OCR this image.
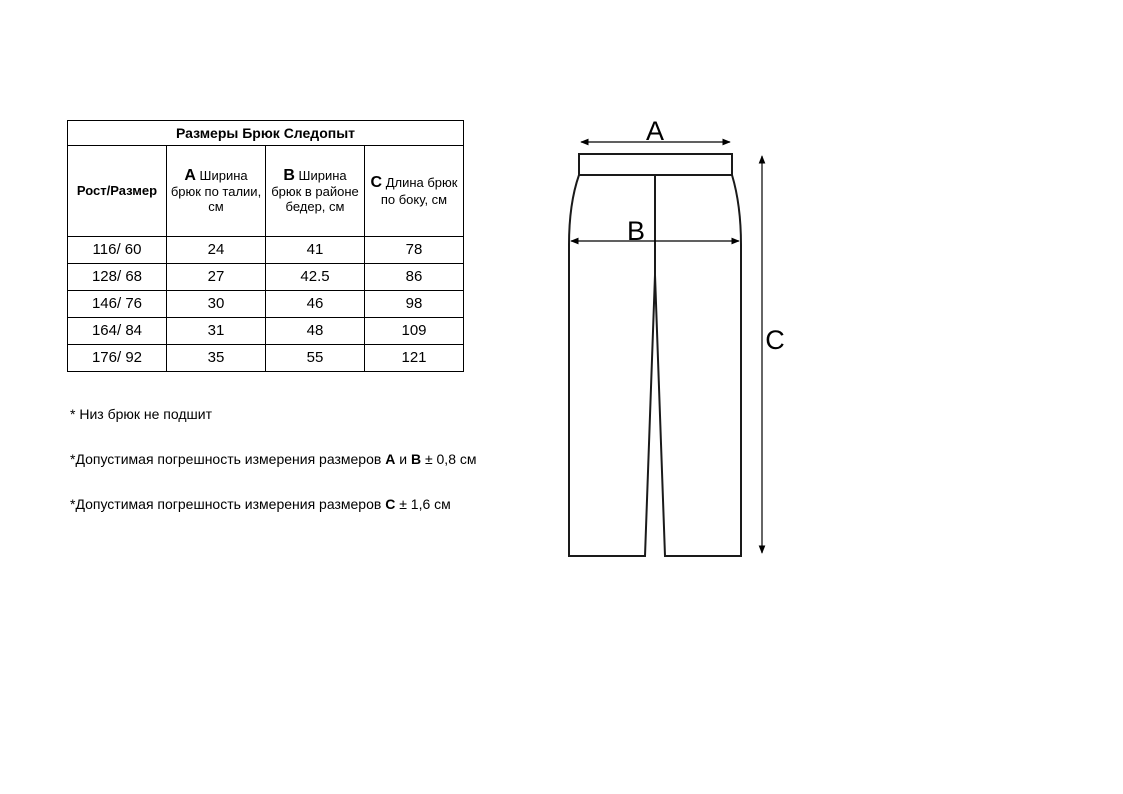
Размеры Брюк Следопыт			
Рост/Размер	A Ширина брюк по талии, см	B Ширина брюк в районе бедер, см	C Длина брюк по боку, см
116/ 60	24	41	78
128/ 68	27	42.5	86
146/ 76	30	46	98
164/ 84	31	48	109
176/ 92	35	55	121
* Низ брюк не подшит
*Допустимая погрешность измерения размеров A и B ± 0,8 см
*Допустимая погрешность измерения размеров C ± 1,6 см
A
B
C
